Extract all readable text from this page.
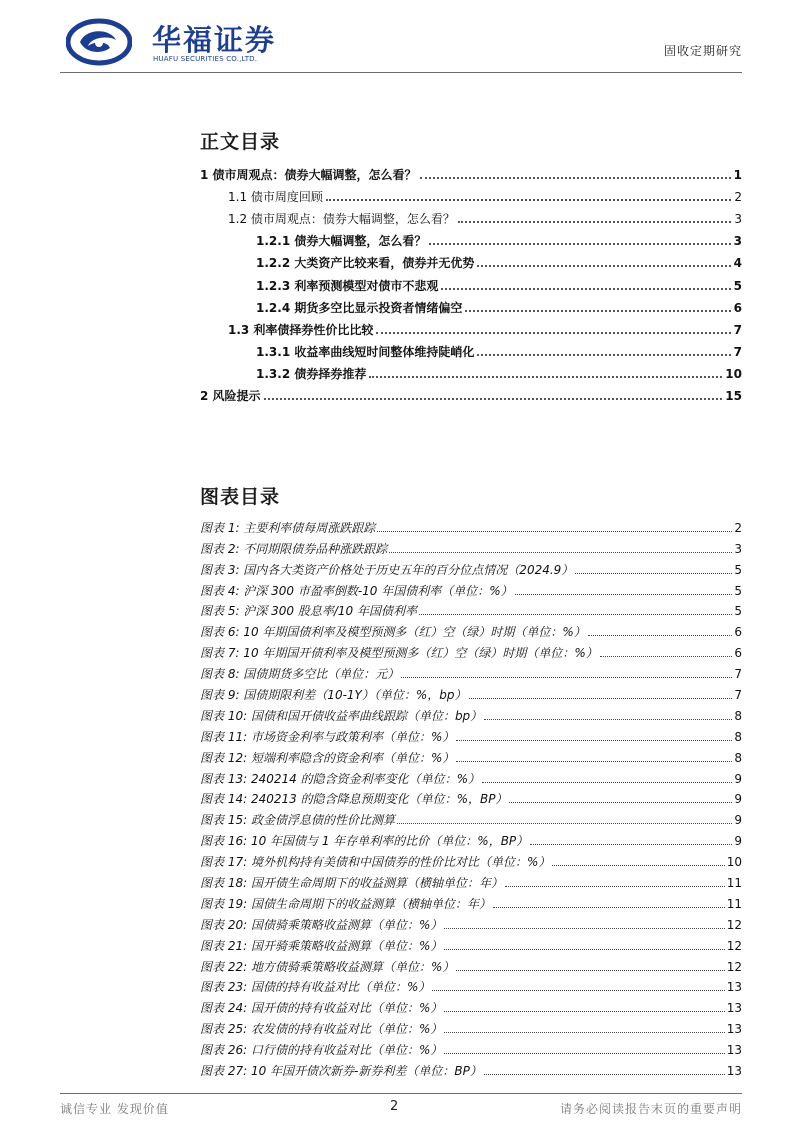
华福证券
HUAFU SECURITIES CO.,LTD.
固收定期研究
正文目录
1 债市周观点：债券大幅调整，怎么看？	1
1.1 债市周度回顾	2
1.2 债市周观点：债券大幅调整，怎么看？	3
1.2.1 债券大幅调整，怎么看？	3
1.2.2 大类资产比较来看，债券并无优势	4
1.2.3 利率预测模型对债市不悲观	5
1.2.4 期货多空比显示投资者情绪偏空	6
1.3 利率债择券性价比比较	7
1.3.1 收益率曲线短时间整体维持陡峭化	7
1.3.2 债券择券推荐	10
2 风险提示	15
图表目录
图表 1: 主要利率债每周涨跌跟踪	2
图表 2: 不同期限债券品种涨跌跟踪	3
图表 3: 国内各大类资产价格处于历史五年的百分位点情况（2024.9）	5
图表 4: 沪深 300 市盈率倒数-10 年国债利率（单位：%）	5
图表 5: 沪深 300 股息率/10 年国债利率	5
图表 6: 10 年期国债利率及模型预测多（红）空（绿）时期（单位：%）	6
图表 7: 10 年期国开债利率及模型预测多（红）空（绿）时期（单位：%）	6
图表 8: 国债期货多空比（单位：元）	7
图表 9: 国债期限利差（10-1Y）（单位：%，bp）	7
图表 10: 国债和国开债收益率曲线跟踪（单位：bp）	8
图表 11: 市场资金利率与政策利率（单位：%）	8
图表 12: 短端利率隐含的资金利率（单位：%）	8
图表 13: 240214 的隐含资金利率变化（单位：%）	9
图表 14: 240213 的隐含降息预期变化（单位：%，BP）	9
图表 15: 政金债浮息债的性价比测算	9
图表 16: 10 年国债与 1 年存单利率的比价（单位：%，BP）	9
图表 17: 境外机构持有美债和中国债券的性价比对比（单位：%）	10
图表 18: 国开债生命周期下的收益测算（横轴单位：年）	11
图表 19: 国债生命周期下的收益测算（横轴单位：年）	11
图表 20: 国债骑乘策略收益测算（单位：%）	12
图表 21: 国开骑乘策略收益测算（单位：%）	12
图表 22: 地方债骑乘策略收益测算（单位：%）	12
图表 23: 国债的持有收益对比（单位：%）	13
图表 24: 国开债的持有收益对比（单位：%）	13
图表 25: 农发债的持有收益对比（单位：%）	13
图表 26: 口行债的持有收益对比（单位：%）	13
图表 27: 10 年国开债次新券-新券利差（单位：BP）	13
诚信专业 发现价值	2	请务必阅读报告末页的重要声明
